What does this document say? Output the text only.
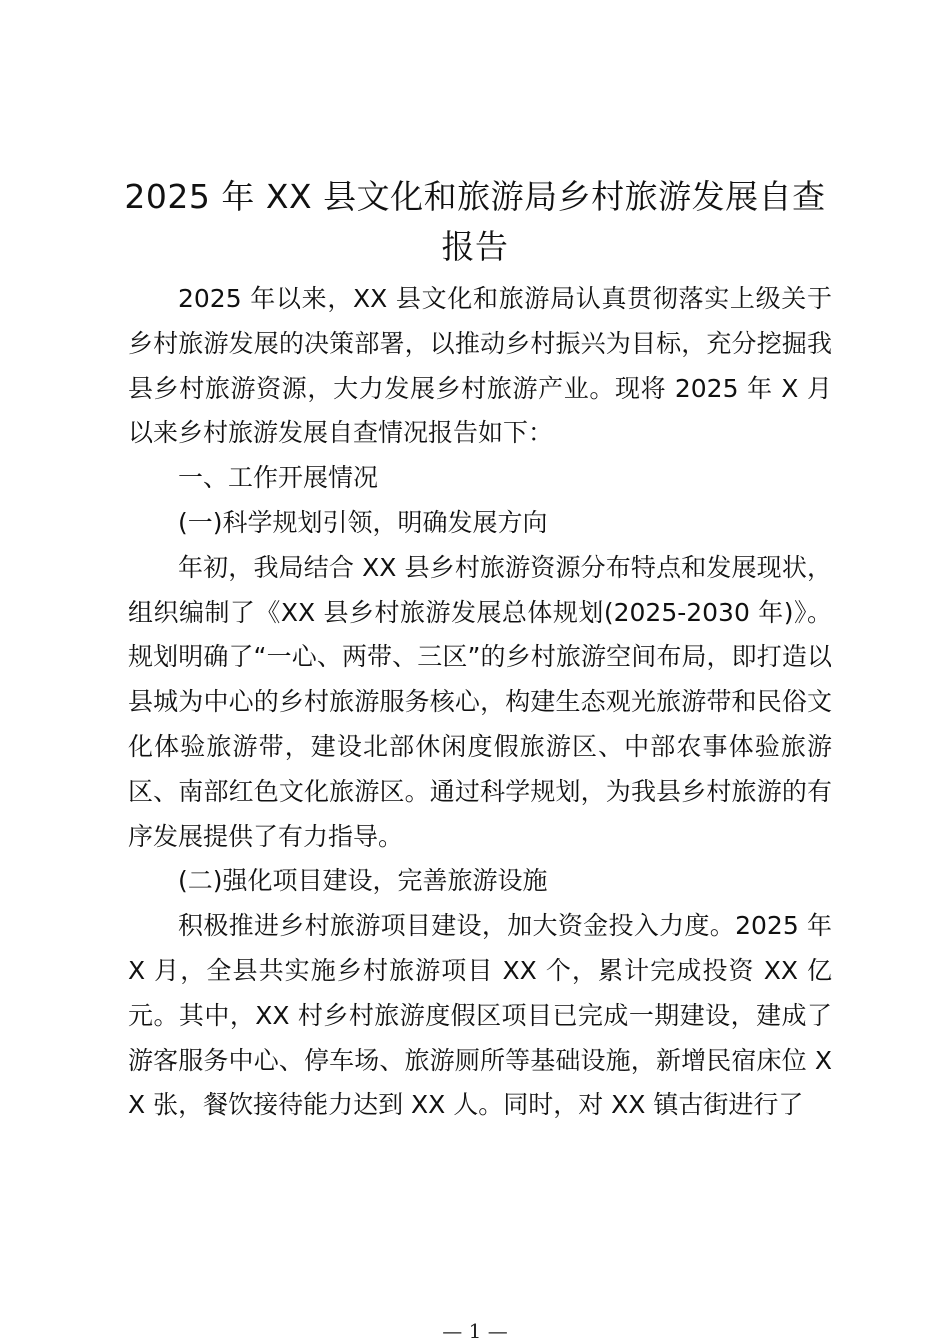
2025 年 XX 县文化和旅游局乡村旅游发展自查报告

2025 年以来，XX 县文化和旅游局认真贯彻落实上级关于乡村旅游发展的决策部署，以推动乡村振兴为目标，充分挖掘我县乡村旅游资源，大力发展乡村旅游产业。现将 2025 年 X 月以来乡村旅游发展自查情况报告如下：

一、工作开展情况

(一)科学规划引领，明确发展方向

年初，我局结合 XX 县乡村旅游资源分布特点和发展现状，组织编制了《XX 县乡村旅游发展总体规划(2025-2030 年)》。规划明确了“一心、两带、三区”的乡村旅游空间布局，即打造以县城为中心的乡村旅游服务核心，构建生态观光旅游带和民俗文化体验旅游带，建设北部休闲度假旅游区、中部农事体验旅游区、南部红色文化旅游区。通过科学规划，为我县乡村旅游的有序发展提供了有力指导。

(二)强化项目建设，完善旅游设施

积极推进乡村旅游项目建设，加大资金投入力度。2025 年 X 月，全县共实施乡村旅游项目 XX 个，累计完成投资 XX 亿元。其中，XX 村乡村旅游度假区项目已完成一期建设，建成了游客服务中心、停车场、旅游厕所等基础设施，新增民宿床位 XX 张，餐饮接待能力达到 XX 人。同时，对 XX 镇古街进行了

— 1 —
